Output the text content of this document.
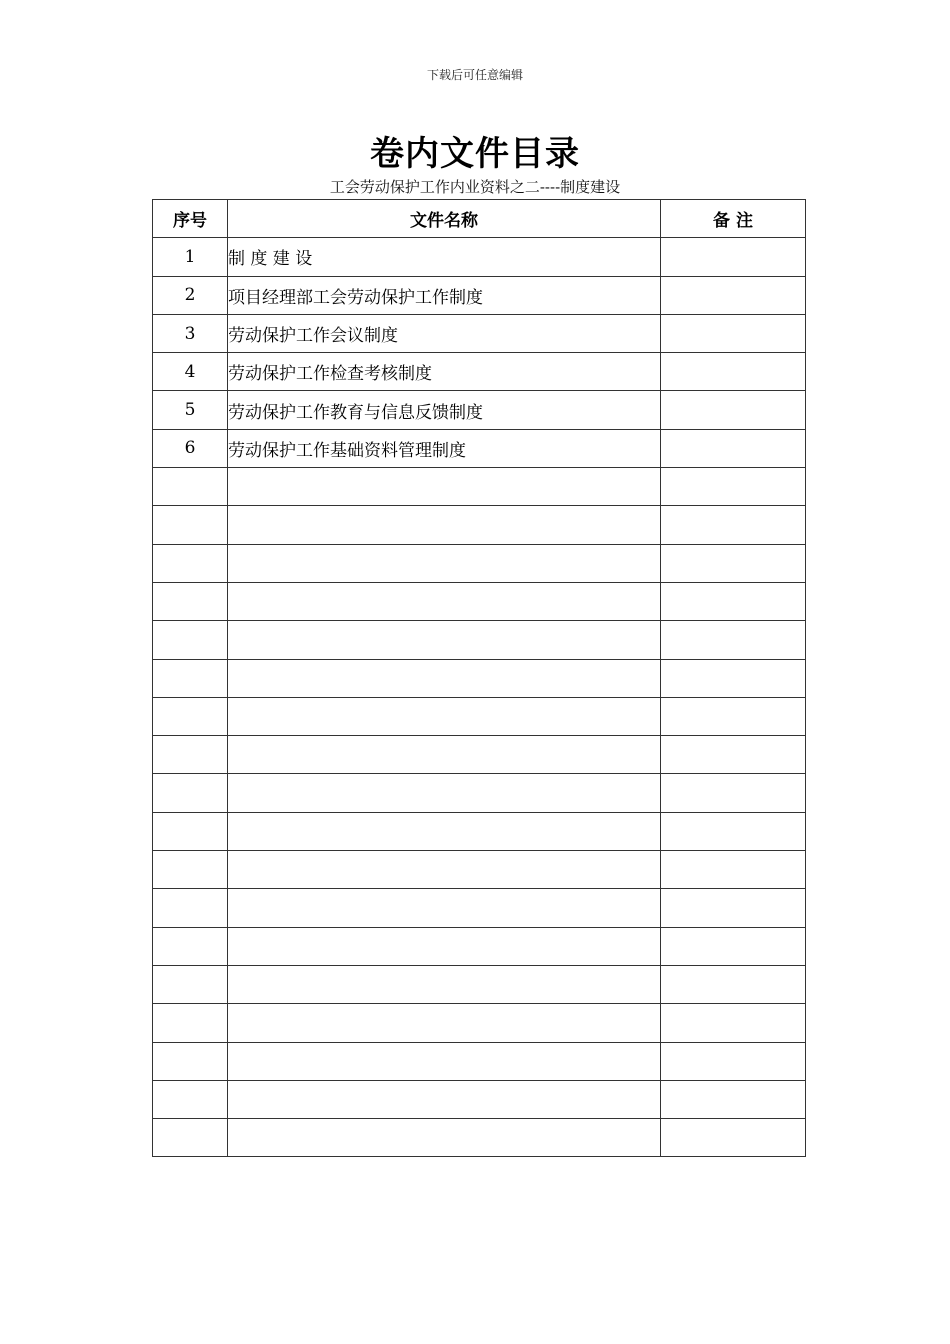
下载后可任意编辑
卷内文件目录
工会劳动保护工作内业资料之二----制度建设
序号	文件名称	备 注
1	制 度 建 设	
2	项目经理部工会劳动保护工作制度	
3	劳动保护工作会议制度	
4	劳动保护工作检查考核制度	
5	劳动保护工作教育与信息反馈制度	
6	劳动保护工作基础资料管理制度	
